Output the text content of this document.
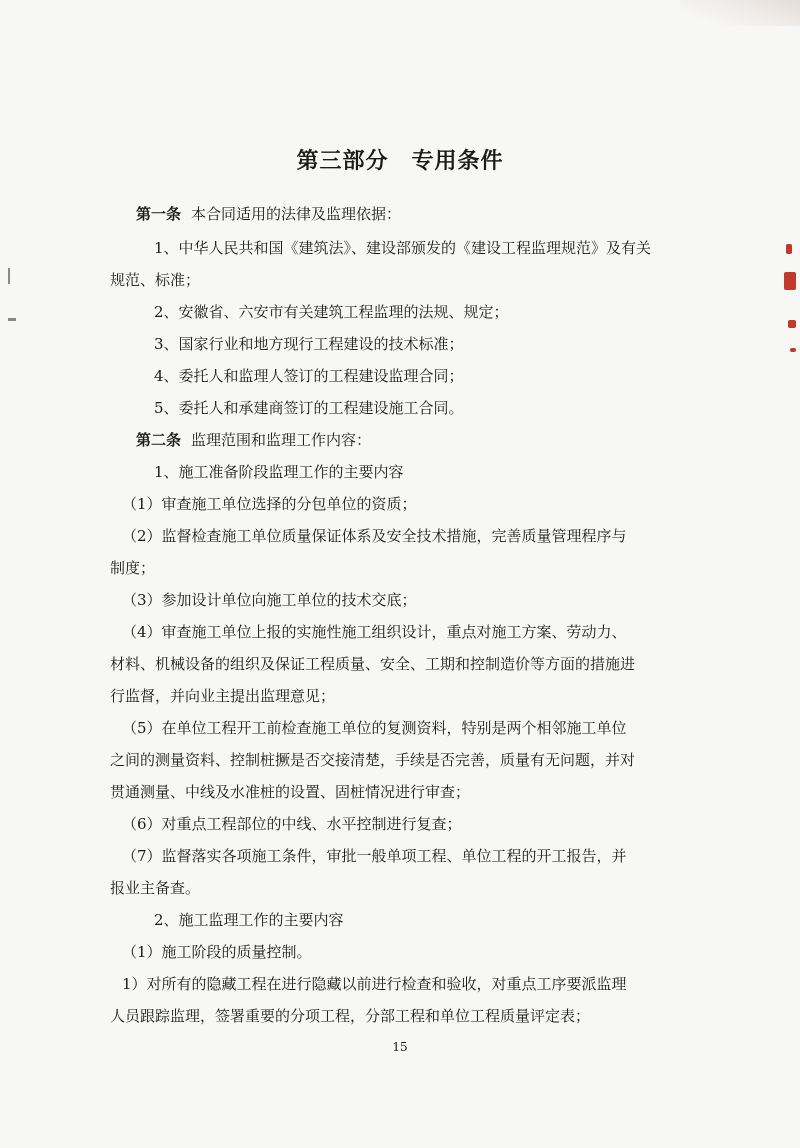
第三部分　专用条件
第一条 本合同适用的法律及监理依据：
1、中华人民共和国《建筑法》、建设部颁发的《建设工程监理规范》及有关
规范、标准；
2、安徽省、六安市有关建筑工程监理的法规、规定；
3、国家行业和地方现行工程建设的技术标准；
4、委托人和监理人签订的工程建设监理合同；
5、委托人和承建商签订的工程建设施工合同。
第二条 监理范围和监理工作内容：
1、施工准备阶段监理工作的主要内容
（1）审查施工单位选择的分包单位的资质；
（2）监督检查施工单位质量保证体系及安全技术措施，完善质量管理程序与
制度；
（3）参加设计单位向施工单位的技术交底；
（4）审查施工单位上报的实施性施工组织设计，重点对施工方案、劳动力、
材料、机械设备的组织及保证工程质量、安全、工期和控制造价等方面的措施进
行监督，并向业主提出监理意见；
（5）在单位工程开工前检查施工单位的复测资料，特别是两个相邻施工单位
之间的测量资料、控制桩撅是否交接清楚，手续是否完善，质量有无问题，并对
贯通测量、中线及水准桩的设置、固桩情况进行审查；
（6）对重点工程部位的中线、水平控制进行复查；
（7）监督落实各项施工条件，审批一般单项工程、单位工程的开工报告，并
报业主备查。
2、施工监理工作的主要内容
（1）施工阶段的质量控制。
1）对所有的隐藏工程在进行隐藏以前进行检查和验收，对重点工序要派监理
人员跟踪监理，签署重要的分项工程，分部工程和单位工程质量评定表；
15
